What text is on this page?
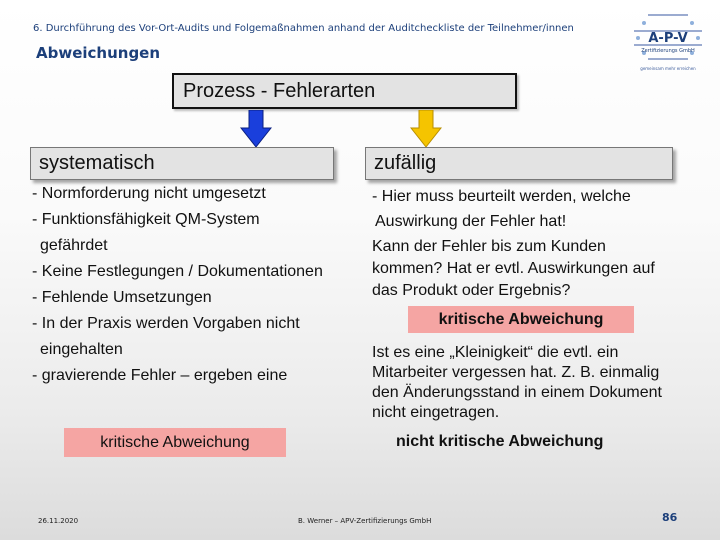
6. Durchführung des Vor-Ort-Audits und Folgemaßnahmen anhand der Auditcheckliste der Teilnehmer/innen
Abweichungen
A-P-V
Zertifizierungs GmbH
gemeinsam mehr erreichen
Prozess - Fehlerarten
systematisch	zufällig
- Normforderung nicht umgesetzt
- Funktionsfähigkeit QM-System
gefährdet
- Keine Festlegungen / Dokumentationen
- Fehlende Umsetzungen
- In der Praxis werden Vorgaben nicht
eingehalten
- gravierende Fehler – ergeben eine
kritische Abweichung
- Hier muss beurteilt werden, welche
Auswirkung der Fehler hat!
Kann der Fehler bis zum Kunden
kommen? Hat er evtl. Auswirkungen auf
das Produkt oder Ergebnis?
kritische Abweichung
Ist es eine „Kleinigkeit“ die evtl. ein
Mitarbeiter vergessen hat. Z. B. einmalig
den Änderungsstand in einem Dokument
nicht eingetragen.
nicht kritische Abweichung
26.11.2020	B. Werner – APV-Zertifizierungs GmbH	86
